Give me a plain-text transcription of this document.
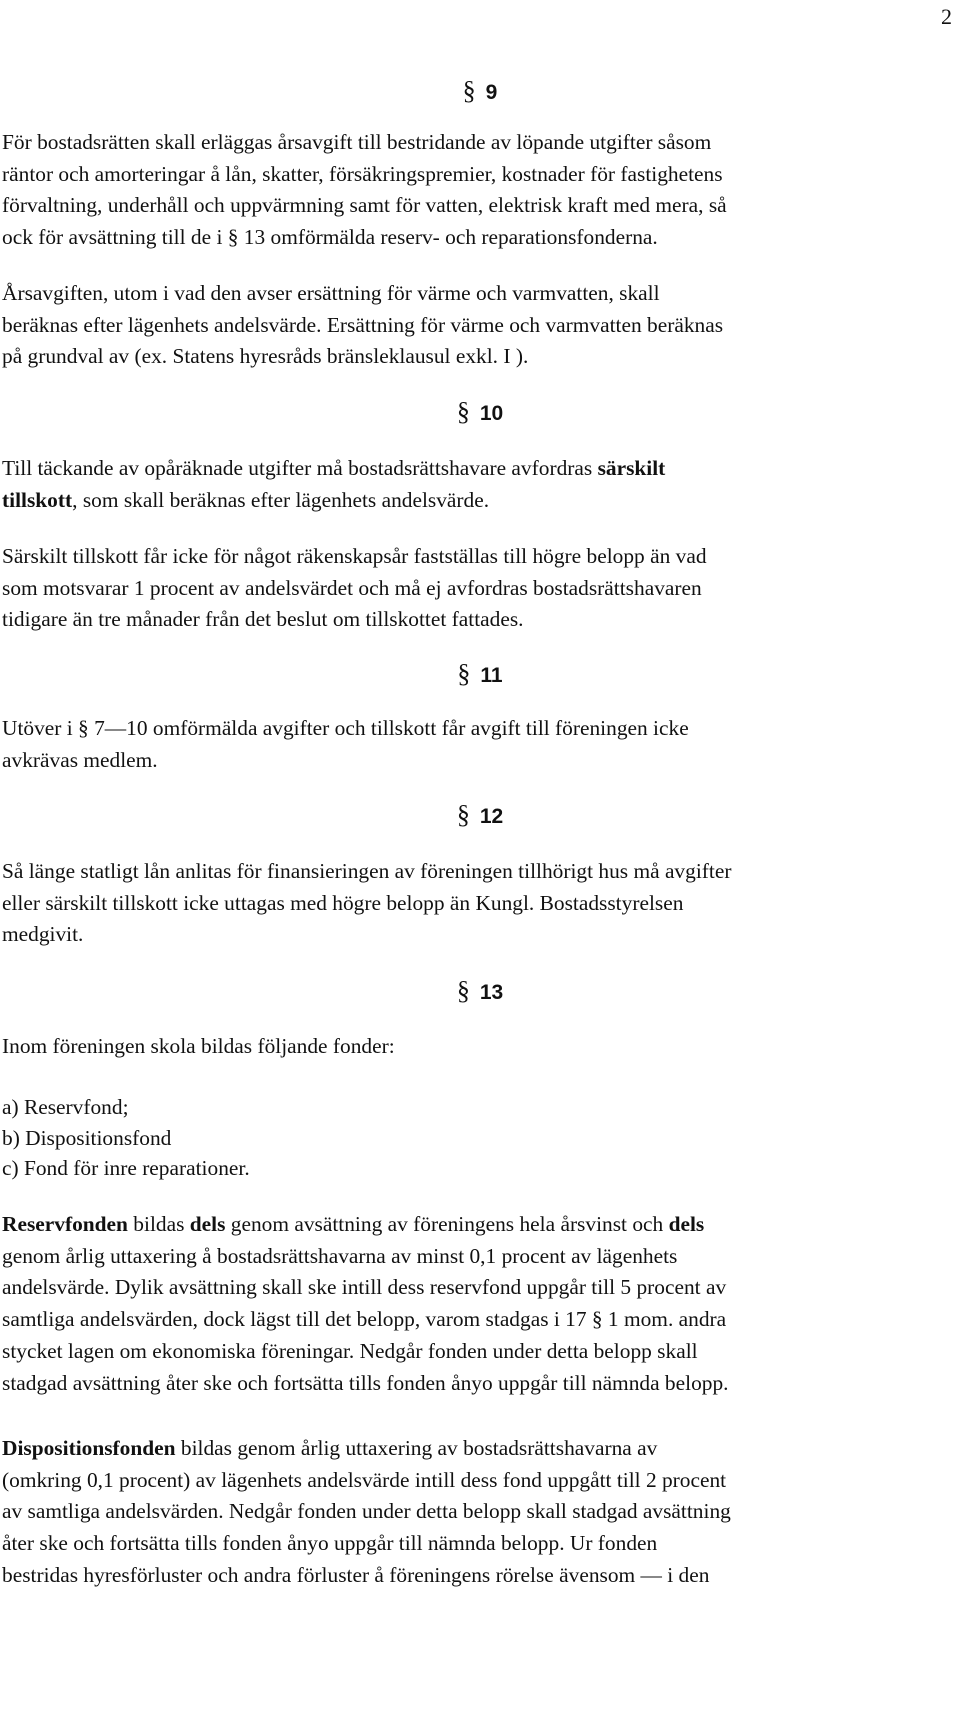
2
§ 9
För bostadsrätten skall erläggas årsavgift till bestridande av löpande utgifter såsom
räntor och amorteringar å lån, skatter, försäkringspremier, kostnader för fastighetens
förvaltning, underhåll och uppvärmning samt för vatten, elektrisk kraft med mera, så
ock för avsättning till de i § 13 omförmälda reserv- och reparationsfonderna.
Årsavgiften, utom i vad den avser ersättning för värme och varmvatten, skall
beräknas efter lägenhets andelsvärde. Ersättning för värme och varmvatten beräknas
på grundval av (ex. Statens hyresråds bränsleklausul exkl. I ).
§ 10
Till täckande av opåräknade utgifter må bostadsrättshavare avfordras särskilt
tillskott, som skall beräknas efter lägenhets andelsvärde.
Särskilt tillskott får icke för något räkenskapsår fastställas till högre belopp än vad
som motsvarar 1 procent av andelsvärdet och må ej avfordras bostadsrättshavaren
tidigare än tre månader från det beslut om tillskottet fattades.
§ 11
Utöver i § 7—10 omförmälda avgifter och tillskott får avgift till föreningen icke
avkrävas medlem.
§ 12
Så länge statligt lån anlitas för finansieringen av föreningen tillhörigt hus må avgifter
eller särskilt tillskott icke uttagas med högre belopp än Kungl. Bostadsstyrelsen
medgivit.
§ 13
Inom föreningen skola bildas följande fonder:
a) Reservfond;
b) Dispositionsfond
c) Fond för inre reparationer.
Reservfonden bildas dels genom avsättning av föreningens hela årsvinst och dels
genom årlig uttaxering å bostadsrättshavarna av minst 0,1 procent av lägenhets
andelsvärde. Dylik avsättning skall ske intill dess reservfond uppgår till 5 procent av
samtliga andelsvärden, dock lägst till det belopp, varom stadgas i 17 § 1 mom. andra
stycket lagen om ekonomiska föreningar. Nedgår fonden under detta belopp skall
stadgad avsättning åter ske och fortsätta tills fonden ånyo uppgår till nämnda belopp.
Dispositionsfonden bildas genom årlig uttaxering av bostadsrättshavarna av
(omkring 0,1 procent) av lägenhets andelsvärde intill dess fond uppgått till 2 procent
av samtliga andelsvärden. Nedgår fonden under detta belopp skall stadgad avsättning
åter ske och fortsätta tills fonden ånyo uppgår till nämnda belopp. Ur fonden
bestridas hyresförluster och andra förluster å föreningens rörelse ävensom — i den
